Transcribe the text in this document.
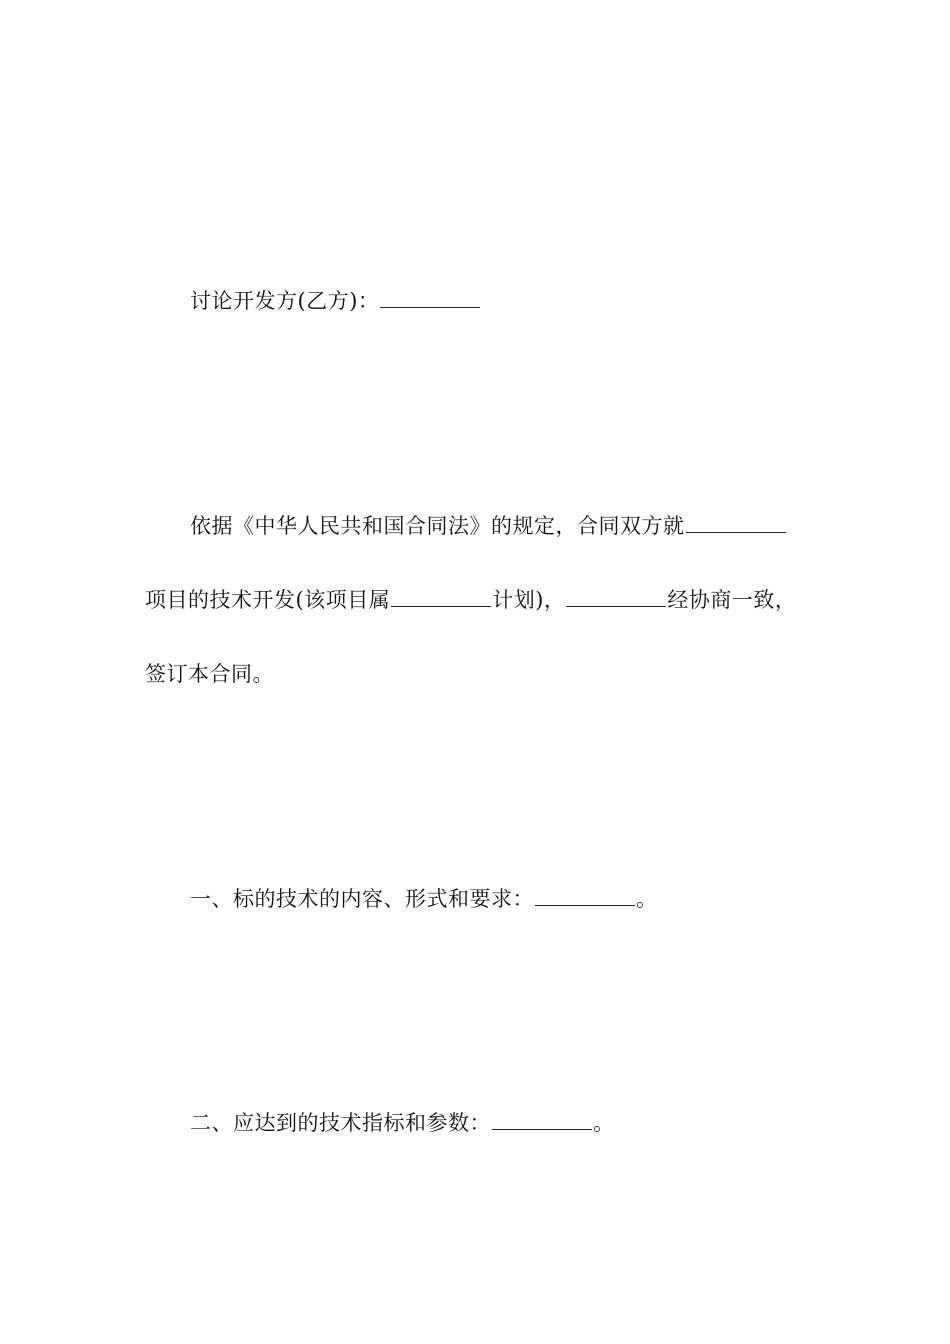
讨论开发方(乙方)：
依据《中华人民共和国合同法》的规定，合同双方就
项目的技术开发(该项目属	计划)，	经协商一致，
签订本合同。
一、标的技术的内容、形式和要求：	。
二、应达到的技术指标和参数：	。
